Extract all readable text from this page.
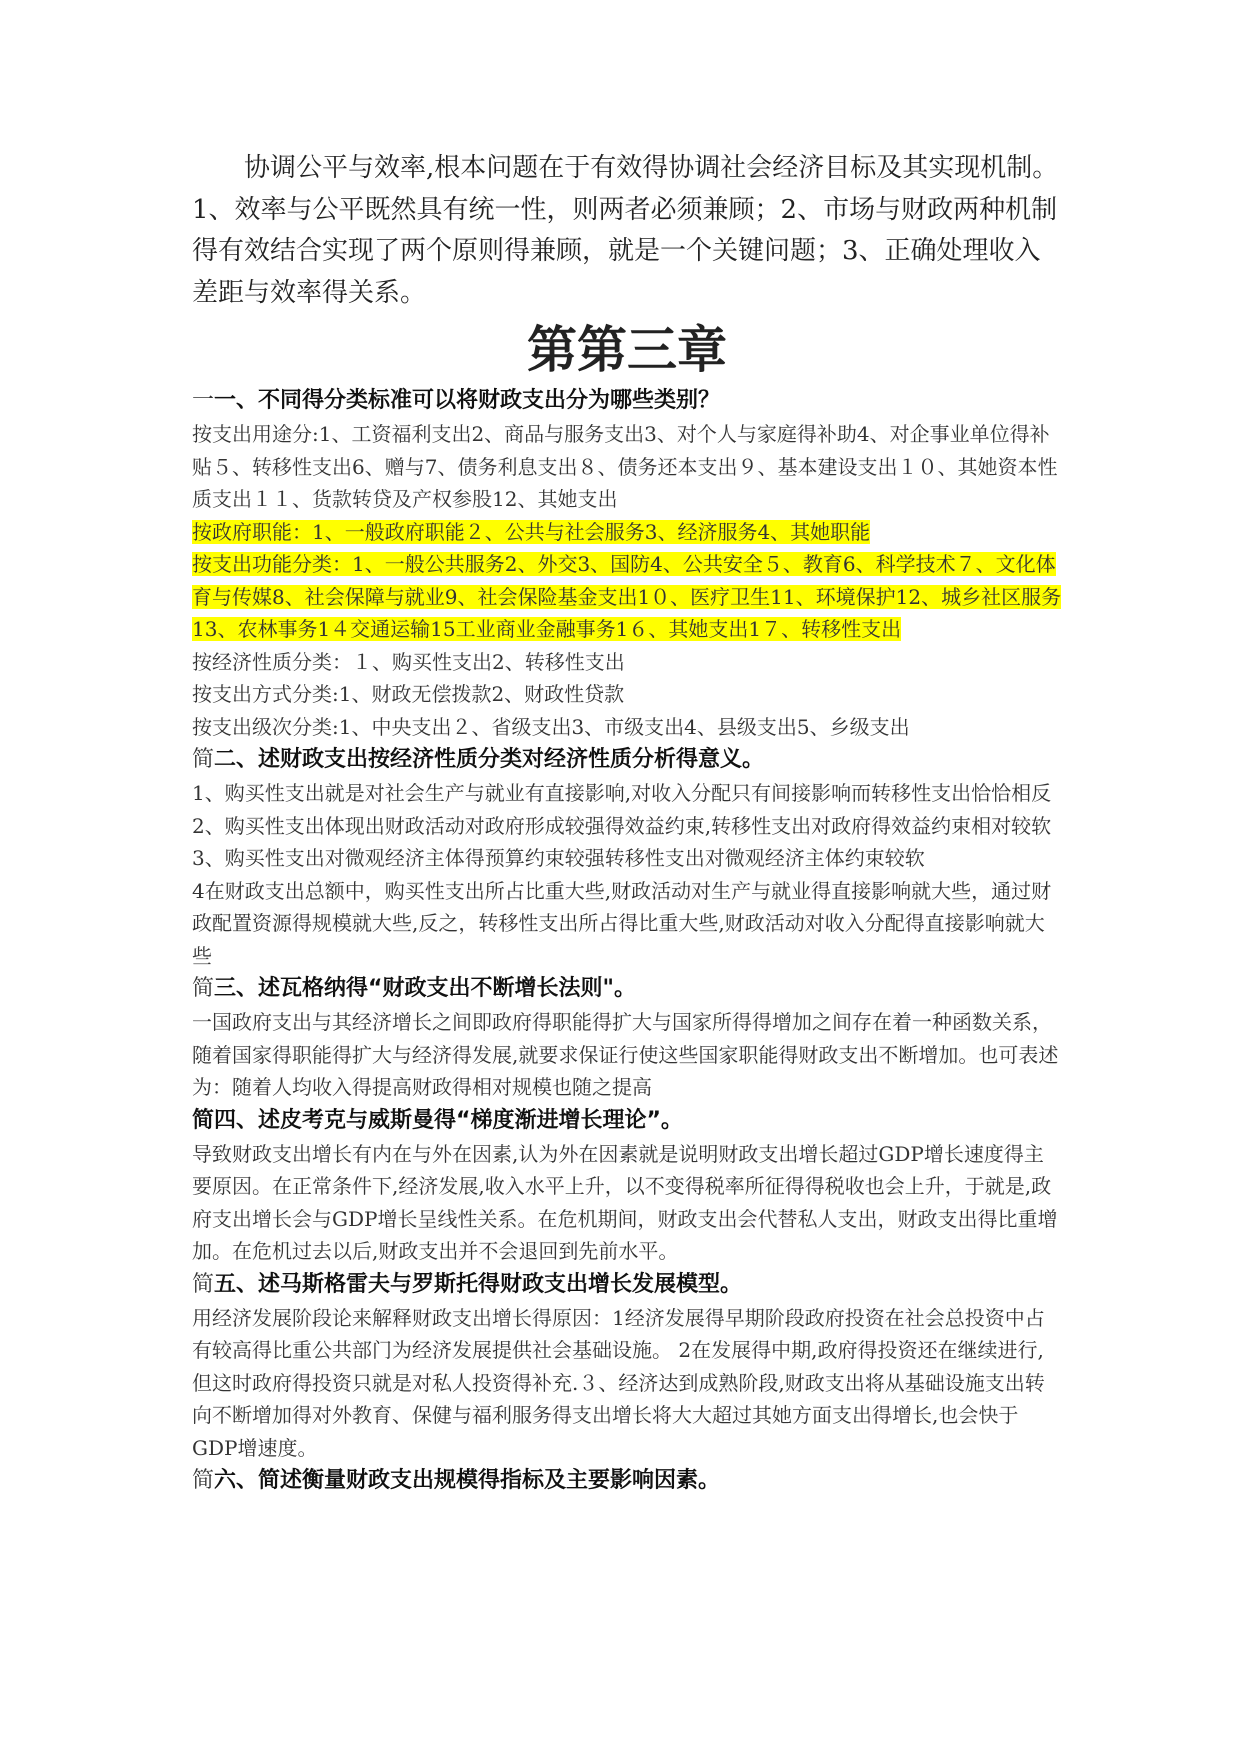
协调公平与效率,根本问题在于有效得协调社会经济目标及其实现机制。1、效率与公平既然具有统一性，则两者必须兼顾；2、市场与财政两种机制得有效结合实现了两个原则得兼顾，就是一个关键问题；3、正确处理收入差距与效率得关系。

第第三章

一一、不同得分类标准可以将财政支出分为哪些类别？

按支出用途分:1、工资福利支出2、商品与服务支出3、对个人与家庭得补助4、对企事业单位得补贴５、转移性支出6、赠与7、债务利息支出８、债务还本支出９、基本建设支出１０、其她资本性质支出１１、货款转贷及产权参股12、其她支出

按政府职能：1、一般政府职能２、公共与社会服务3、经济服务4、其她职能

按支出功能分类：1、一般公共服务2、外交3、国防4、公共安全５、教育6、科学技术７、文化体育与传媒8、社会保障与就业9、社会保险基金支出1０、医疗卫生11、环境保护12、城乡社区服务13、农林事务1４交通运输15工业商业金融事务1６、其她支出1７、转移性支出

按经济性质分类：１、购买性支出2、转移性支出

按支出方式分类:1、财政无偿拨款2、财政性贷款

按支出级次分类:1、中央支出２、省级支出3、市级支出4、县级支出5、乡级支出

简二、述财政支出按经济性质分类对经济性质分析得意义。

1、购买性支出就是对社会生产与就业有直接影响,对收入分配只有间接影响而转移性支出恰恰相反

2、购买性支出体现出财政活动对政府形成较强得效益约束,转移性支出对政府得效益约束相对较软

3、购买性支出对微观经济主体得预算约束较强转移性支出对微观经济主体约束较软

4在财政支出总额中，购买性支出所占比重大些,财政活动对生产与就业得直接影响就大些，通过财政配置资源得规模就大些,反之，转移性支出所占得比重大些,财政活动对收入分配得直接影响就大些

简三、述瓦格纳得“财政支出不断增长法则"。

一国政府支出与其经济增长之间即政府得职能得扩大与国家所得得增加之间存在着一种函数关系，随着国家得职能得扩大与经济得发展,就要求保证行使这些国家职能得财政支出不断增加。也可表述为：随着人均收入得提高财政得相对规模也随之提高

简四、述皮考克与威斯曼得“梯度渐进增长理论”。

导致财政支出增长有内在与外在因素,认为外在因素就是说明财政支出增长超过GDP增长速度得主要原因。在正常条件下,经济发展,收入水平上升，以不变得税率所征得得税收也会上升，于就是,政府支出增长会与GDP增长呈线性关系。在危机期间，财政支出会代替私人支出，财政支出得比重增加。在危机过去以后,财政支出并不会退回到先前水平。

简五、述马斯格雷夫与罗斯托得财政支出增长发展模型。

用经济发展阶段论来解释财政支出增长得原因：1经济发展得早期阶段政府投资在社会总投资中占有较高得比重公共部门为经济发展提供社会基础设施。 2在发展得中期,政府得投资还在继续进行,但这时政府得投资只就是对私人投资得补充.３、经济达到成熟阶段,财政支出将从基础设施支出转向不断增加得对外教育、保健与福利服务得支出增长将大大超过其她方面支出得增长,也会快于GDP增速度。

简六、简述衡量财政支出规模得指标及主要影响因素。
